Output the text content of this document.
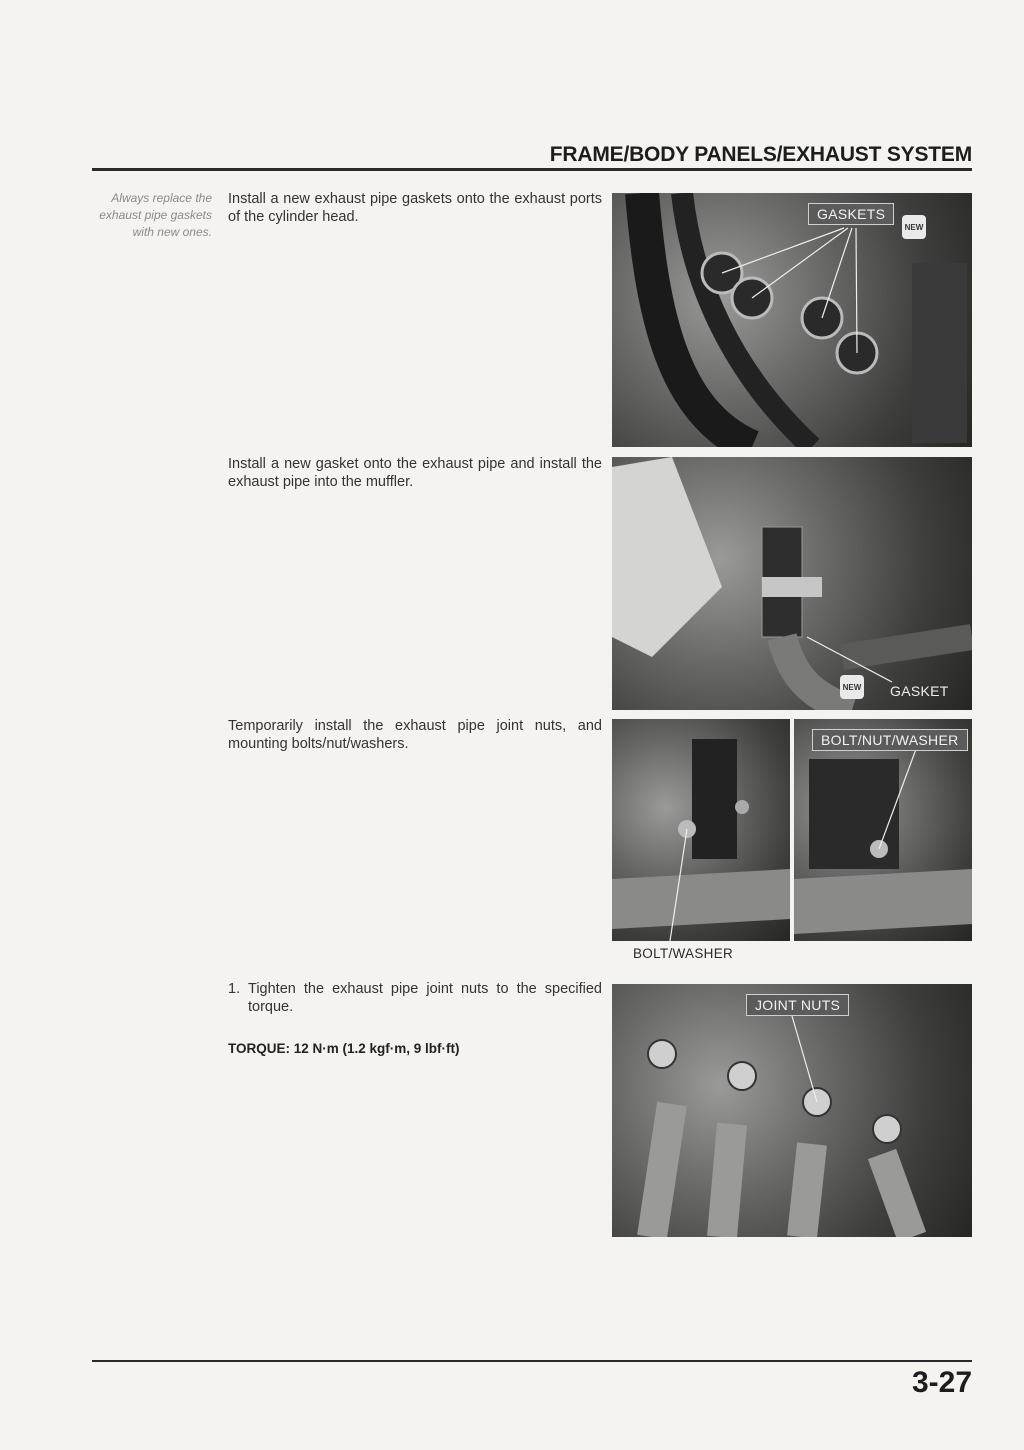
FRAME/BODY PANELS/EXHAUST SYSTEM
Always replace the exhaust pipe gaskets with new ones.
Install a new exhaust pipe gaskets onto the exhaust ports of the cylinder head.
Install a new gasket onto the exhaust pipe and install the exhaust pipe into the muffler.
Temporarily install the exhaust pipe joint nuts, and mounting bolts/nut/washers.
1. Tighten the exhaust pipe joint nuts to the specified torque.
TORQUE: 12 N·m (1.2 kgf·m, 9 lbf·ft)
GASKETS
NEW
NEW	GASKET
BOLT/NUT/WASHER
BOLT/WASHER
JOINT NUTS
3-27
